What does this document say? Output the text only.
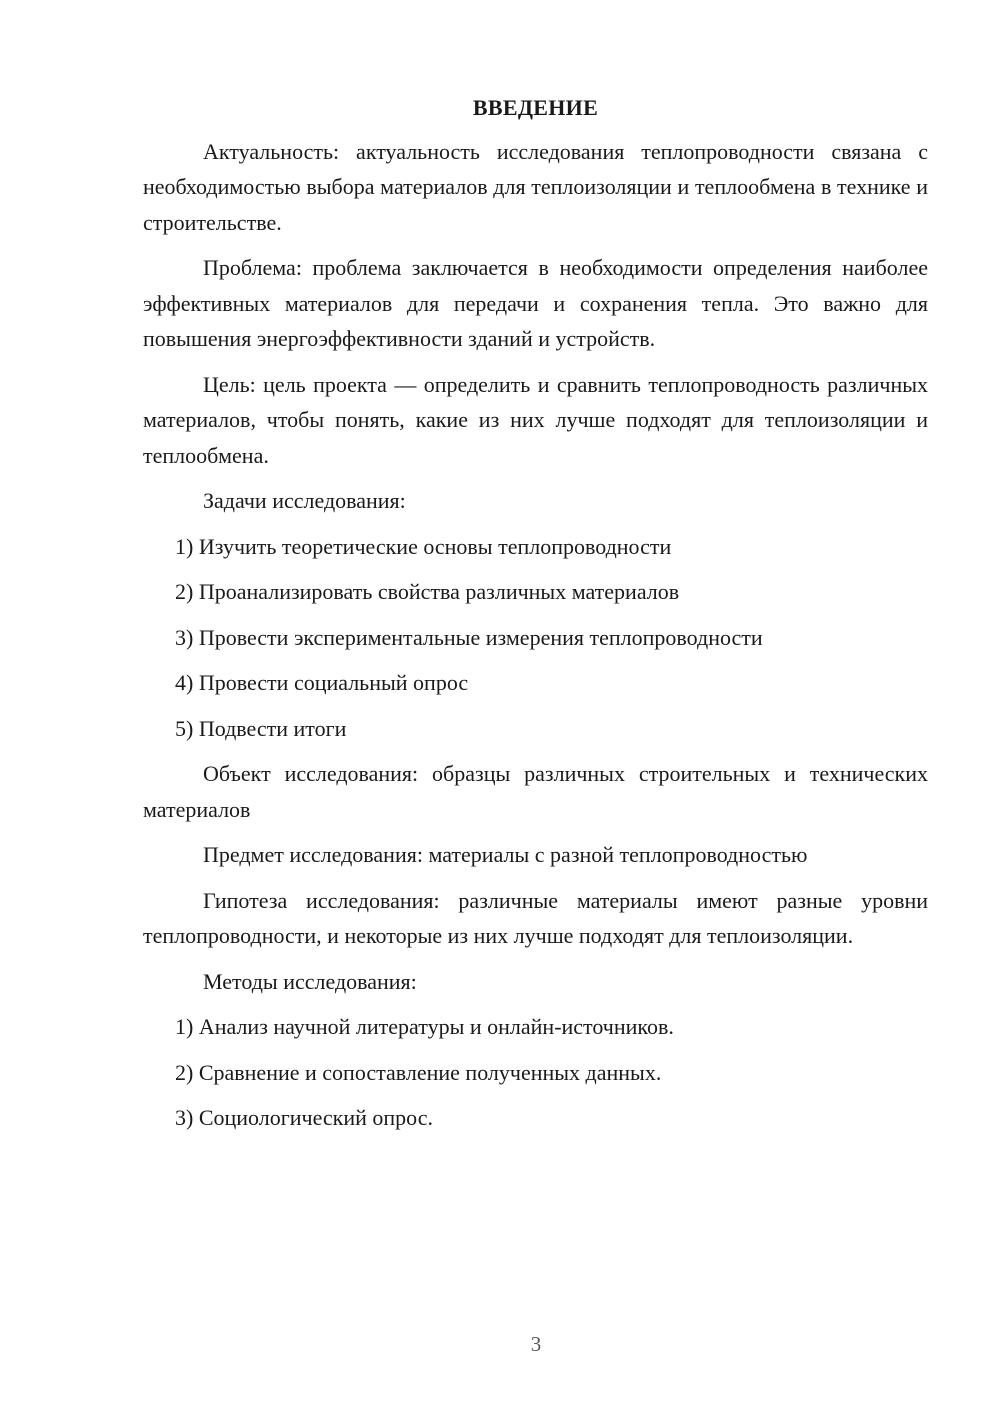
ВВЕДЕНИЕ

Актуальность: актуальность исследования теплопроводности связана с необходимостью выбора материалов для теплоизоляции и теплообмена в технике и строительстве.

Проблема: проблема заключается в необходимости определения наиболее эффективных материалов для передачи и сохранения тепла. Это важно для повышения энергоэффективности зданий и устройств.

Цель: цель проекта — определить и сравнить теплопроводность различных материалов, чтобы понять, какие из них лучше подходят для теплоизоляции и теплообмена.

Задачи исследования:

1) Изучить теоретические основы теплопроводности

2) Проанализировать свойства различных материалов

3) Провести экспериментальные измерения теплопроводности

4) Провести социальный опрос

5) Подвести итоги

Объект исследования: образцы различных строительных и технических материалов

Предмет исследования: материалы с разной теплопроводностью

Гипотеза исследования: различные материалы имеют разные уровни теплопроводности, и некоторые из них лучше подходят для теплоизоляции.

Методы исследования:

1) Анализ научной литературы и онлайн-источников.

2) Сравнение и сопоставление полученных данных.

3) Социологический опрос.

3
